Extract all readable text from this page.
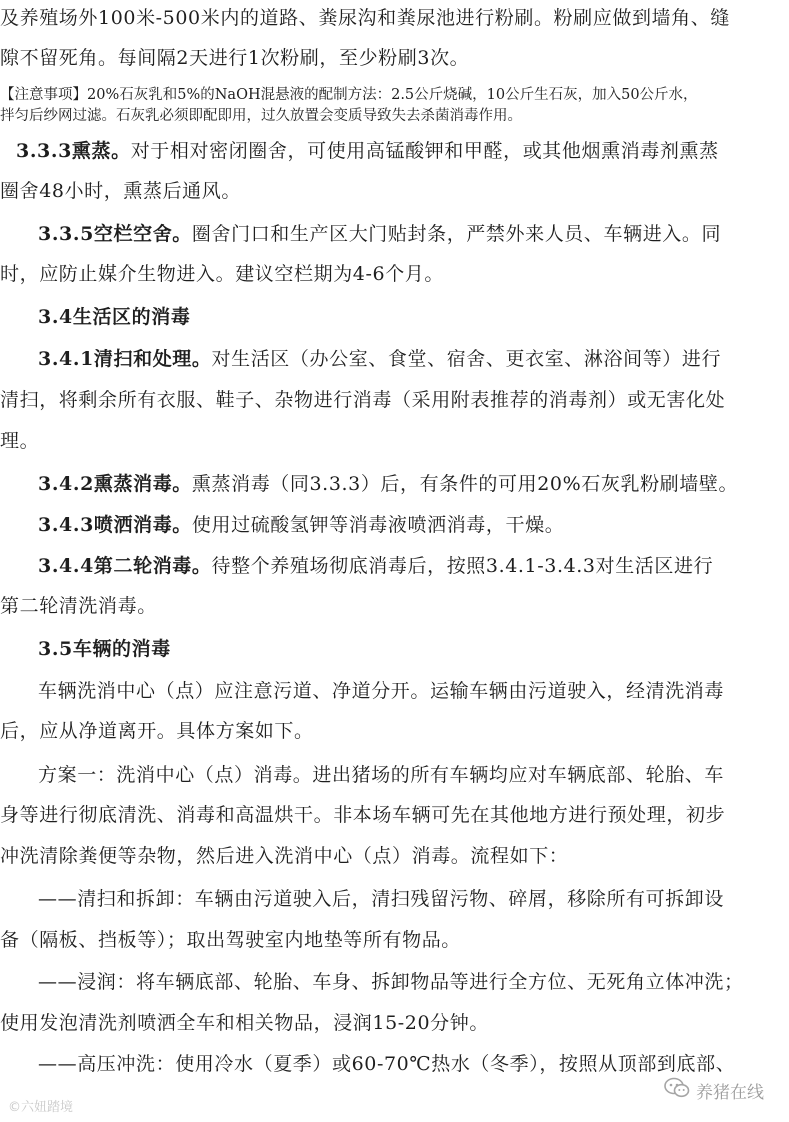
及养殖场外100米-500米内的道路、粪尿沟和粪尿池进行粉刷。粉刷应做到墙角、缝
隙不留死角。每间隔2天进行1次粉刷，至少粉刷3次。
【注意事项】20%石灰乳和5%的NaOH混悬液的配制方法：2.5公斤烧碱，10公斤生石灰，加入50公斤水，
拌匀后纱网过滤。石灰乳必须即配即用，过久放置会变质导致失去杀菌消毒作用。
3.3.3熏蒸。对于相对密闭圈舍，可使用高锰酸钾和甲醛，或其他烟熏消毒剂熏蒸
圈舍48小时，熏蒸后通风。
3.3.5空栏空舍。圈舍门口和生产区大门贴封条，严禁外来人员、车辆进入。同
时，应防止媒介生物进入。建议空栏期为4-6个月。
3.4生活区的消毒
3.4.1清扫和处理。对生活区（办公室、食堂、宿舍、更衣室、淋浴间等）进行
清扫，将剩余所有衣服、鞋子、杂物进行消毒（采用附表推荐的消毒剂）或无害化处
理。
3.4.2熏蒸消毒。熏蒸消毒（同3.3.3）后，有条件的可用20%石灰乳粉刷墙壁。
3.4.3喷洒消毒。使用过硫酸氢钾等消毒液喷洒消毒，干燥。
3.4.4第二轮消毒。待整个养殖场彻底消毒后，按照3.4.1-3.4.3对生活区进行
第二轮清洗消毒。
3.5车辆的消毒
车辆洗消中心（点）应注意污道、净道分开。运输车辆由污道驶入，经清洗消毒
后，应从净道离开。具体方案如下。
方案一：洗消中心（点）消毒。进出猪场的所有车辆均应对车辆底部、轮胎、车
身等进行彻底清洗、消毒和高温烘干。非本场车辆可先在其他地方进行预处理，初步
冲洗清除粪便等杂物，然后进入洗消中心（点）消毒。流程如下：
——清扫和拆卸：车辆由污道驶入后，清扫残留污物、碎屑，移除所有可拆卸设
备（隔板、挡板等）；取出驾驶室内地垫等所有物品。
——浸润：将车辆底部、轮胎、车身、拆卸物品等进行全方位、无死角立体冲洗；
使用发泡清洗剂喷洒全车和相关物品，浸润15-20分钟。
——高压冲洗：使用冷水（夏季）或60-70℃热水（冬季），按照从顶部到底部、
©六妞踏境
养猪在线
